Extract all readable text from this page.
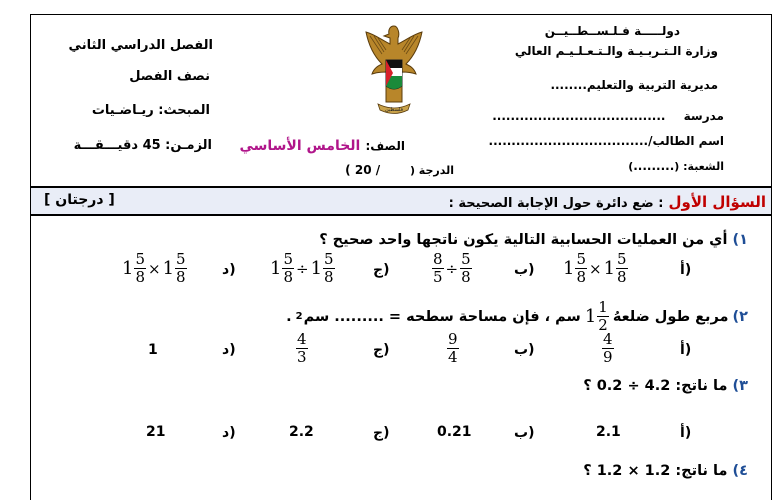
دولـــــة فـلـســطــيــن
وزارة الـتـربـيـة والـتـعـلـيـم العالي
مديرية التربية والتعليم........
مدرسة ......................................
اسم الطالب/...................................
الشعبة: (.........)
الفصل الدراسي الثاني
نصف الفصل
المبحث: ريـاضـيات
الزمـن: 45 دقيـــقـــة
فلسطين
الصف: الخامس الأساسي
الدرجة ( / 20 )
السؤال الأول : ضع دائرة حول الإجابة الصحيحة :
[ درجتان ]
١) أي من العمليات الحسابية التالية يكون ناتجها واحد صحيح ؟
أ)
$1 \frac{5}{8} \times 1 \frac{5}{8}$
ب)
$\frac{8}{5} \div \frac{5}{8}$
ج)
$1 \frac{5}{8} \div 1 \frac{5}{8}$
د)
$1 \frac{5}{8} \times 1 \frac{5}{8}$
٢)
مربع طول ضلعهُ
$1 \frac{1}{2}$
سم ، فإن مساحة سطحه = ......... سم
2
.
أ)
$\frac{4}{9}$
ب)
$\frac{9}{4}$
ج)
$\frac{4}{3}$
د)
1
٣) ما ناتج: 4.2 ÷ 0.2 ؟
أ)
2.1
ب)
0.21
ج)
2.2
د)
21
٤) ما ناتج: 1.2 × 1.2 ؟
